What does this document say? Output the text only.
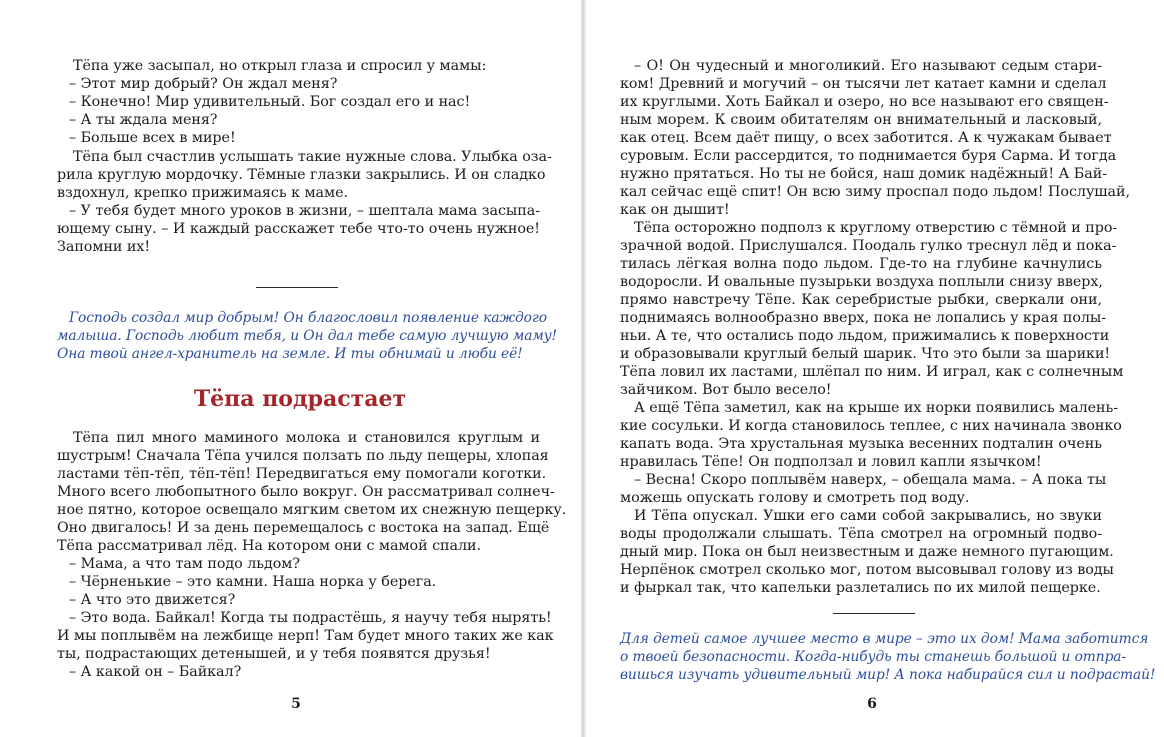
Тёпа уже засыпал, но открыл глаза и спросил у мамы:
– Этот мир добрый? Он ждал меня?
– Конечно! Мир удивительный. Бог создал его и нас!
– А ты ждала меня?
– Больше всех в мире!
Тёпа был счастлив услышать такие нужные слова. Улыбка оза-
рила круглую мордочку. Тёмные глазки закрылись. И он сладко
вздохнул, крепко прижимаясь к маме.
– У тебя будет много уроков в жизни, – шептала мама засыпа-
ющему сыну. – И каждый расскажет тебе что-то очень нужное!
Запомни их!
Господь создал мир добрым! Он благословил появление каждого
малыша. Господь любит тебя, и Он дал тебе самую лучшую маму!
Она твой ангел-хранитель на земле. И ты обнимай и люби её!
Тёпа подрастает
Тёпа пил много маминого молока и становился круглым и
шустрым! Сначала Тёпа учился ползать по льду пещеры, хлопая
ластами тёп-тёп, тёп-тёп! Передвигаться ему помогали коготки.
Много всего любопытного было вокруг. Он рассматривал солнеч-
ное пятно, которое освещало мягким светом их снежную пещерку.
Оно двигалось! И за день перемещалось с востока на запад. Ещё
Тёпа рассматривал лёд. На котором они с мамой спали.
– Мама, а что там подо льдом?
– Чёрненькие – это камни. Наша норка у берега.
– А что это движется?
– Это вода. Байкал! Когда ты подрастёшь, я научу тебя нырять!
И мы поплывём на лежбище нерп! Там будет много таких же как
ты, подрастающих детенышей, и у тебя появятся друзья!
– А какой он – Байкал?
5
– О! Он чудесный и многоликий. Его называют седым стари-
ком! Древний и могучий – он тысячи лет катает камни и сделал
их круглыми. Хоть Байкал и озеро, но все называют его священ-
ным морем. К своим обитателям он внимательный и ласковый,
как отец. Всем даёт пищу, о всех заботится. А к чужакам бывает
суровым. Если рассердится, то поднимается буря Сарма. И тогда
нужно прятаться. Но ты не бойся, наш домик надёжный! А Бай-
кал сейчас ещё спит! Он всю зиму проспал подо льдом! Послушай,
как он дышит!
Тёпа осторожно подполз к круглому отверстию с тёмной и про-
зрачной водой. Прислушался. Поодаль гулко треснул лёд и пока-
тилась лёгкая волна подо льдом. Где-то на глубине качнулись
водоросли. И овальные пузырьки воздуха поплыли снизу вверх,
прямо навстречу Тёпе. Как серебристые рыбки, сверкали они,
поднимаясь волнообразно вверх, пока не лопались у края полы-
ньи. А те, что остались подо льдом, прижимались к поверхности
и образовывали круглый белый шарик. Что это были за шарики!
Тёпа ловил их ластами, шлёпал по ним. И играл, как с солнечным
зайчиком. Вот было весело!
А ещё Тёпа заметил, как на крыше их норки появились малень-
кие сосульки. И когда становилось теплее, с них начинала звонко
капать вода. Эта хрустальная музыка весенних подталин очень
нравилась Тёпе! Он подползал и ловил капли язычком!
– Весна! Скоро поплывём наверх, – обещала мама. – А пока ты
можешь опускать голову и смотреть под воду.
И Тёпа опускал. Ушки его сами собой закрывались, но звуки
воды продолжали слышать. Тёпа смотрел на огромный подво-
дный мир. Пока он был неизвестным и даже немного пугающим.
Нерпёнок смотрел сколько мог, потом высовывал голову из воды
и фыркал так, что капельки разлетались по их милой пещерке.
Для детей самое лучшее место в мире – это их дом! Мама заботится
о твоей безопасности. Когда-нибудь ты станешь большой и отпра-
вишься изучать удивительный мир! А пока набирайся сил и подрастай!
6
